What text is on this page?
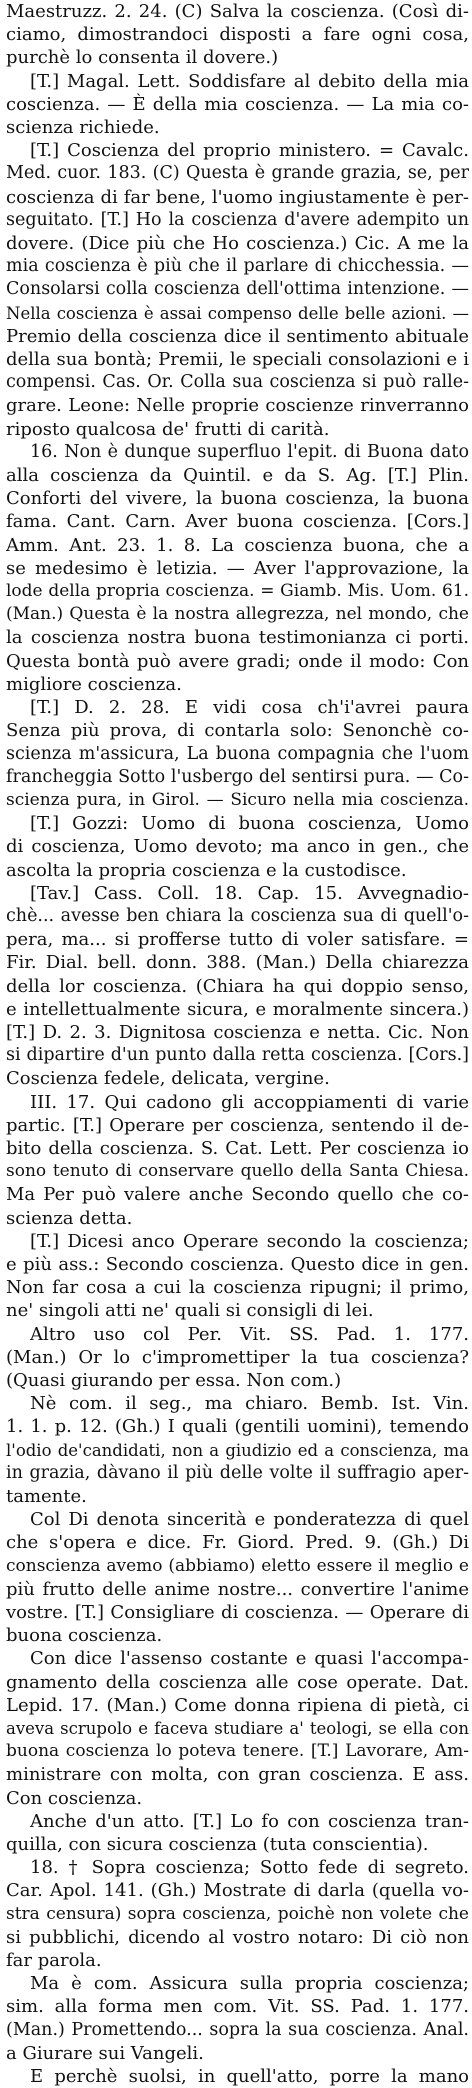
Maestruzz. 2. 24. (C) Salva la coscienza. (Così di-

ciamo, dimostrandoci disposti a fare ogni cosa,

purchè lo consenta il dovere.)

[T.] Magal. Lett. Soddisfare al debito della mia

coscienza. — È della mia coscienza. — La mia co-

scienza richiede.

[T.] Coscienza del proprio ministero. = Cavalc.

Med. cuor. 183. (C) Questa è grande grazia, se, per

coscienza di far bene, l'uomo ingiustamente è per-

seguitato. [T.] Ho la coscienza d'avere adempito un

dovere. (Dice più che Ho coscienza.) Cic. A me la

mia coscienza è più che il parlare di chicchessia. —

Consolarsi colla coscienza dell'ottima intenzione. —

Nella coscienza è assai compenso delle belle azioni. —

Premio della coscienza dice il sentimento abituale

della sua bontà; Premii, le speciali consolazioni e i

compensi. Cas. Or. Colla sua coscienza si può ralle-

grare. Leone: Nelle proprie coscienze rinverranno

riposto qualcosa de' frutti di carità.

16. Non è dunque superfluo l'epit. di Buona dato

alla coscienza da Quintil. e da S. Ag. [T.] Plin.

Conforti del vivere, la buona coscienza, la buona

fama. Cant. Carn. Aver buona coscienza. [Cors.]

Amm. Ant. 23. 1. 8. La coscienza buona, che a

se medesimo è letizia. — Aver l'approvazione, la

lode della propria coscienza. = Giamb. Mis. Uom. 61.

(Man.) Questa è la nostra allegrezza, nel mondo, che

la coscienza nostra buona testimonianza ci porti.

Questa bontà può avere gradi; onde il modo: Con

migliore coscienza.

[T.] D. 2. 28. E vidi cosa ch'i'avrei paura

Senza più prova, di contarla solo: Senonchè co-

scienza m'assicura, La buona compagnia che l'uom

francheggia Sotto l'usbergo del sentirsi pura. — Co-

scienza pura, in Girol. — Sicuro nella mia coscienza.

[T.] Gozzi: Uomo di buona coscienza, Uomo

di coscienza, Uomo devoto; ma anco in gen., che

ascolta la propria coscienza e la custodisce.

[Tav.] Cass. Coll. 18. Cap. 15. Avvegnadio-

chè... avesse ben chiara la coscienza sua di quell'o-

pera, ma... si profferse tutto di voler satisfare. =

Fir. Dial. bell. donn. 388. (Man.) Della chiarezza

della lor coscienza. (Chiara ha qui doppio senso,

e intellettualmente sicura, e moralmente sincera.)

[T.] D. 2. 3. Dignitosa coscienza e netta. Cic. Non

si dipartire d'un punto dalla retta coscienza. [Cors.]

Coscienza fedele, delicata, vergine.

III. 17. Qui cadono gli accoppiamenti di varie

partic. [T.] Operare per coscienza, sentendo il de-

bito della coscienza. S. Cat. Lett. Per coscienza io

sono tenuto di conservare quello della Santa Chiesa.

Ma Per può valere anche Secondo quello che co-

scienza detta.

[T.] Dicesi anco Operare secondo la coscienza;

e più ass.: Secondo coscienza. Questo dice in gen.

Non far cosa a cui la coscienza ripugni; il primo,

ne' singoli atti ne' quali si consigli di lei.

Altro uso col Per. Vit. SS. Pad. 1. 177.

(Man.) Or lo c'impromettiper la tua coscienza?

(Quasi giurando per essa. Non com.)

Nè com. il seg., ma chiaro. Bemb. Ist. Vin.

1. 1. p. 12. (Gh.) I quali (gentili uomini), temendo

l'odio de'candidati, non a giudizio ed a conscienza, ma

in grazia, dàvano il più delle volte il suffragio aper-

tamente.

Col Di denota sincerità e ponderatezza di quel

che s'opera e dice. Fr. Giord. Pred. 9. (Gh.) Di

conscienza avemo (abbiamo) eletto essere il meglio e

più frutto delle anime nostre... convertire l'anime

vostre. [T.] Consigliare di coscienza. — Operare di

buona coscienza.

Con dice l'assenso costante e quasi l'accompa-

gnamento della coscienza alle cose operate. Dat.

Lepid. 17. (Man.) Come donna ripiena di pietà, ci

aveva scrupolo e faceva studiare a' teologi, se ella con

buona coscienza lo poteva tenere. [T.] Lavorare, Am-

ministrare con molta, con gran coscienza. E ass.

Con coscienza.

Anche d'un atto. [T.] Lo fo con coscienza tran-

quilla, con sicura coscienza (tuta conscientia).

18. † Sopra coscienza; Sotto fede di segreto.

Car. Apol. 141. (Gh.) Mostrate di darla (quella vo-

stra censura) sopra coscienza, poichè non volete che

si pubblichi, dicendo al vostro notaro: Di ciò non

far parola.

Ma è com. Assicura sulla propria coscienza;

sim. alla forma men com. Vit. SS. Pad. 1. 177.

(Man.) Promettendo... sopra la sua coscienza. Anal.

a Giurare sui Vangeli.

E perchè suolsi, in quell'atto, porre la mano
